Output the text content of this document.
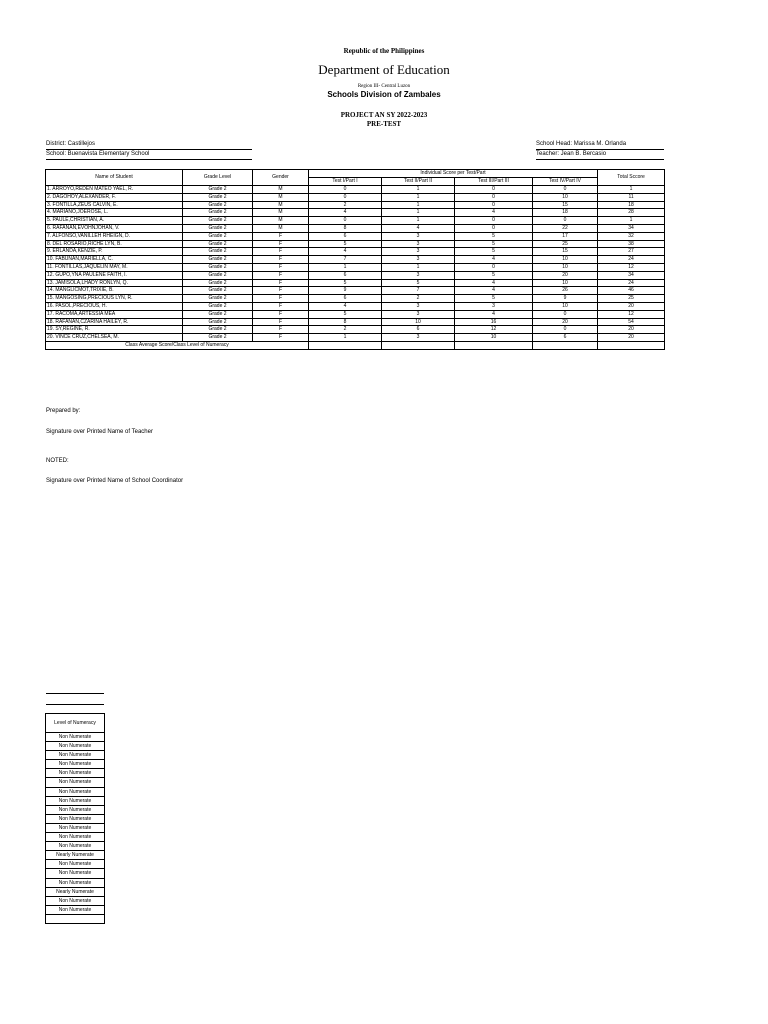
Republic of the Philippines
Department of Education
Region III- Central Luzon
Schools Division of Zambales
PROJECT AN SY 2022-2023
PRE-TEST
District: Castillejos
School: Buenavista Elementary School
School Head: Marissa M. Orlanda
Teacher: Jean B. Bercasio
Name of Student	Grade Level	Gender	Individual Score per Test/Part				Total Sccore
			Test I/Part I	Test II/Part II	Test III/Part III	Test IV/Part IV	
1. ARROYO,REDEN MATEO YAEL, R.	Grade 2	M	0	1	0	0	1
2. DAGOHOY,ALEXANDER, F.	Grade 2	M	0	1	0	10	11
3. FONTILLA,ZEUS CALVIN, E.	Grade 2	M	2	1	0	15	18
4. MARIANO,JOEROSE, L.	Grade 2	M	4	1	4	18	28
5. PAULE,CHRISTIAN, A.	Grade 2	M	0	1	0	0	1
6. RAFANAN,EVOHNJOHAN, V.	Grade 2	M	8	4	0	22	34
7. ALFONSO,VANILLEH RHEIGN, D.	Grade 2	F	6	3	5	17	32
8. DEL ROSARIO,RICHE LYN, B.	Grade 2	F	5	3	5	25	38
9. ERLANDA,KENZIE, P.	Grade 2	F	4	3	5	15	27
10. FABUNAN,MARIELLA, C.	Grade 2	F	7	3	4	10	24
11. FONTILLAS,JAQUELIN MAY, M.	Grade 2	F	1	1	0	10	12
12. GUPO,YNA PAULENE FAITH, I.	Grade 2	F	6	3	5	20	34
13. JAMISOLA,LHADY RONLYN, Q.	Grade 2	F	5	5	4	10	24
14. MANGLICMOT,TRIXIE, B.	Grade 2	F	9	7	4	26	46
15. MANGOSING,PRECIOUS LYN, R.	Grade 2	F	6	2	5	9	25
16. PASOL,PRECIOUS, H.	Grade 2	F	4	3	3	10	20
17. RACOMA,ARTESSIA MEA	Grade 2	F	5	3	4	0	12
18. RAFANAN,CZARINA HAILEY, R.	Grade 2	F	8	10	16	20	54
19. SY,REGINE, R.	Grade 2	F	2	6	12	0	20
20. VINCE CRUZ,CHELSEA, M.	Grade 2	F	1	3	10	6	20
Class Average Score/Class Level of Numeracy							
Prepared by:
Signature over Printed Name of Teacher
NOTED:
Signature over Printed Name of School Coordinator
Level of Numeracy
Non Numerate
Non Numerate
Non Numerate
Non Numerate
Non Numerate
Non Numerate
Non Numerate
Non Numerate
Non Numerate
Non Numerate
Non Numerate
Non Numerate
Non Numerate
Nearly Numerate
Non Numerate
Non Numerate
Non Numerate
Nearly Numerate
Non Numerate
Non Numerate
